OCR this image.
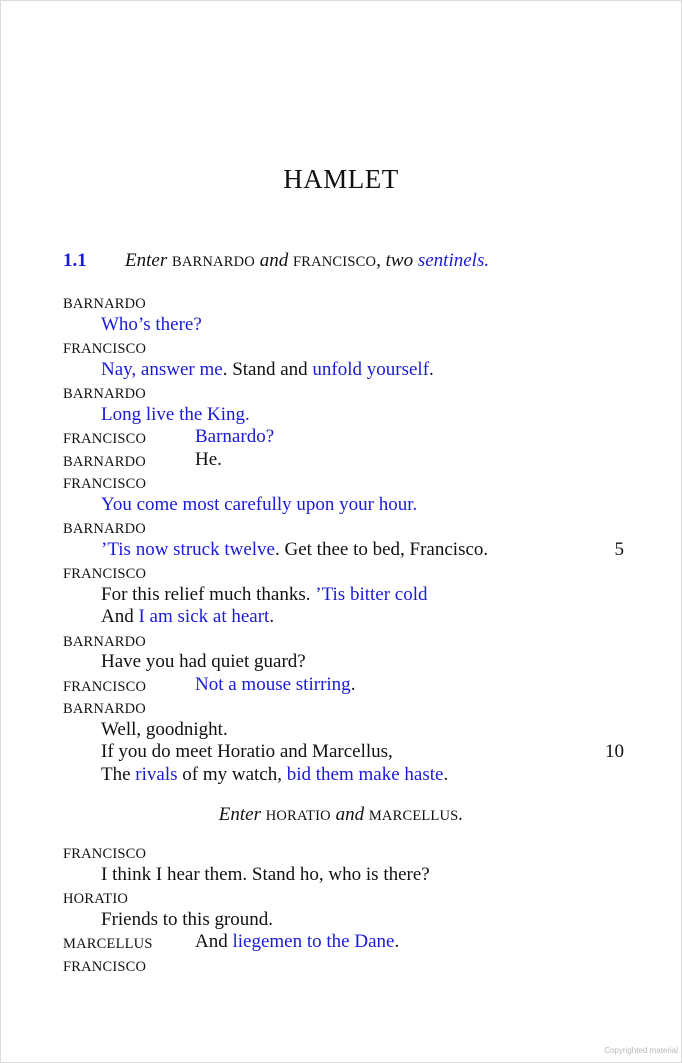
HAMLET
1.1 Enter BARNARDO and FRANCISCO, two sentinels.
BARNARDO
Who’s there?
FRANCISCO
Nay, answer me. Stand and unfold yourself.
BARNARDO
Long live the King.
FRANCISCO	Barnardo?
BARNARDO	He.
FRANCISCO
You come most carefully upon your hour.
BARNARDO
’Tis now struck twelve. Get thee to bed, Francisco.	5
FRANCISCO
For this relief much thanks. ’Tis bitter cold
And I am sick at heart.
BARNARDO
Have you had quiet guard?
FRANCISCO	Not a mouse stirring.
BARNARDO
Well, goodnight.
If you do meet Horatio and Marcellus,	10
The rivals of my watch, bid them make haste.
Enter HORATIO and MARCELLUS.
FRANCISCO
I think I hear them. Stand ho, who is there?
HORATIO
Friends to this ground.
MARCELLUS And liegemen to the Dane.
FRANCISCO
Copyrighted material
